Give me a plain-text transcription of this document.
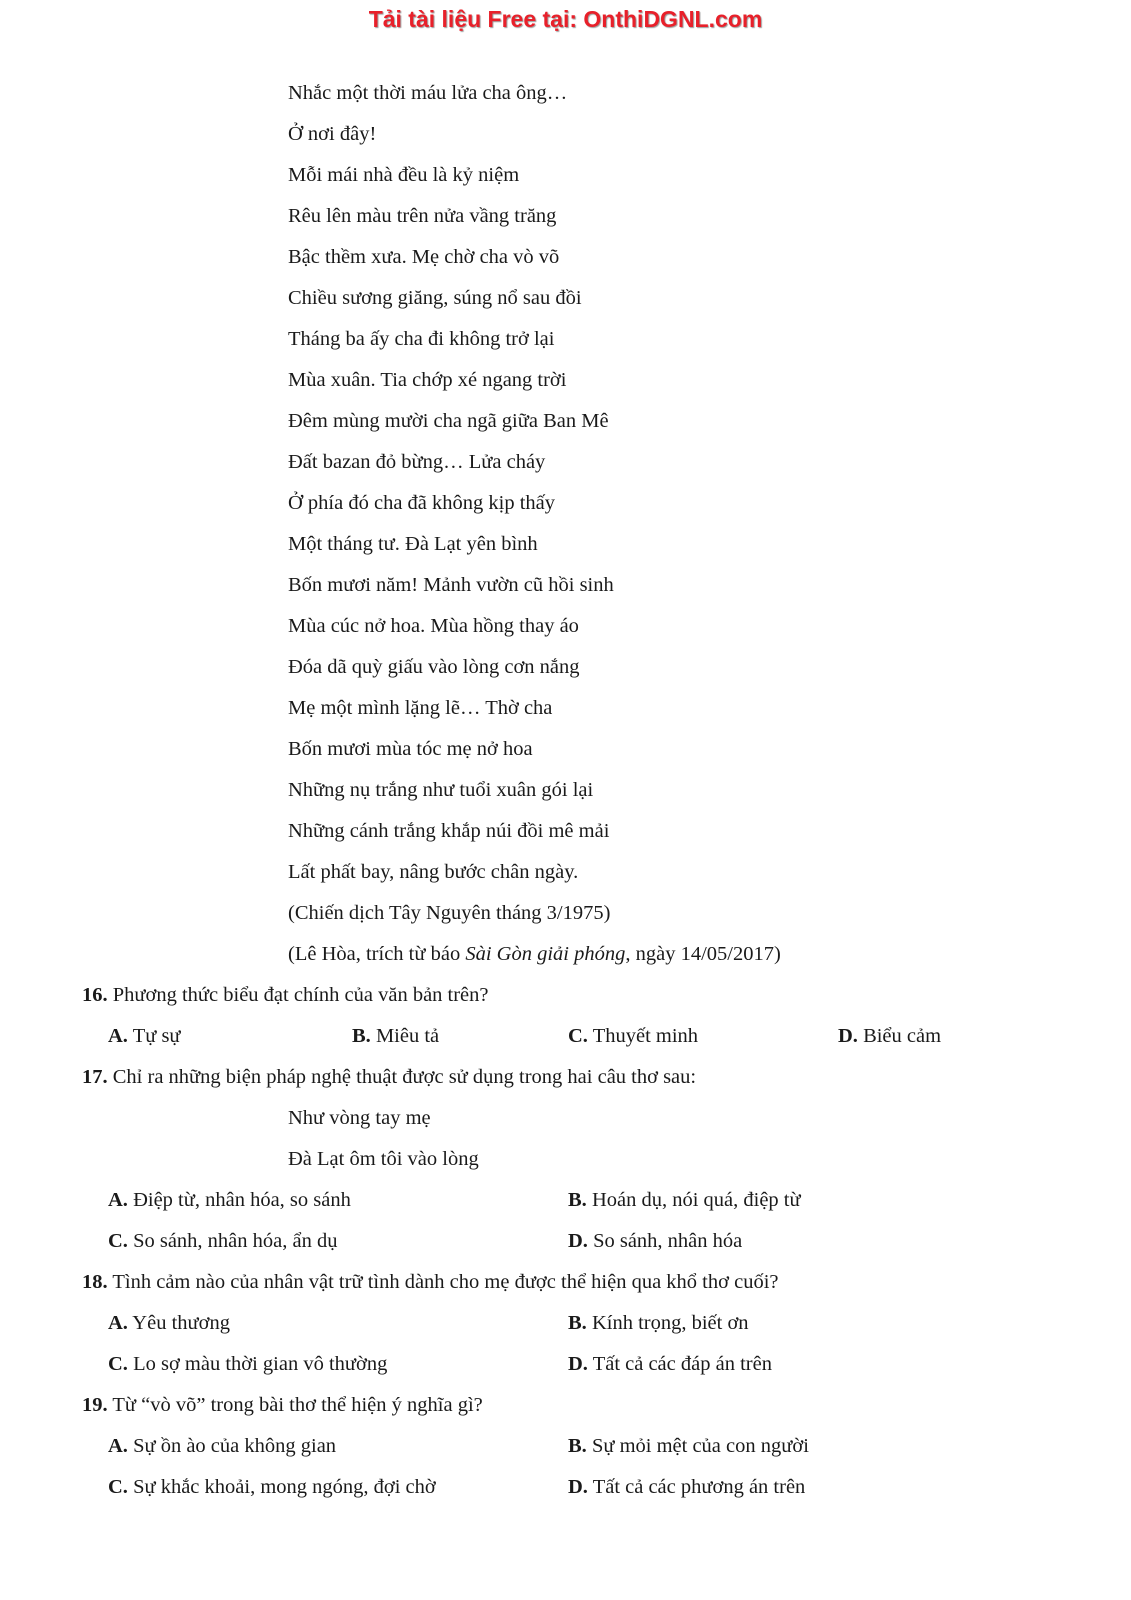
Tải tài liệu Free tại: OnthiDGNL.com
Nhắc một thời máu lửa cha ông…
Ở nơi đây!
Mỗi mái nhà đều là kỷ niệm
Rêu lên màu trên nửa vầng trăng
Bậc thềm xưa. Mẹ chờ cha vò võ
Chiều sương giăng, súng nổ sau đồi
Tháng ba ấy cha đi không trở lại
Mùa xuân. Tia chớp xé ngang trời
Đêm mùng mười cha ngã giữa Ban Mê
Đất bazan đỏ bừng… Lửa cháy
Ở phía đó cha đã không kịp thấy
Một tháng tư. Đà Lạt yên bình
Bốn mươi năm! Mảnh vườn cũ hồi sinh
Mùa cúc nở hoa. Mùa hồng thay áo
Đóa dã quỳ giấu vào lòng cơn nắng
Mẹ một mình lặng lẽ… Thờ cha
Bốn mươi mùa tóc mẹ nở hoa
Những nụ trắng như tuổi xuân gói lại
Những cánh trắng khắp núi đồi mê mải
Lất phất bay, nâng bước chân ngày.
(Chiến dịch Tây Nguyên tháng 3/1975)
(Lê Hòa, trích từ báo Sài Gòn giải phóng, ngày 14/05/2017)
16. Phương thức biểu đạt chính của văn bản trên?
A. Tự sự	B. Miêu tả	C. Thuyết minh	D. Biểu cảm
17. Chỉ ra những biện pháp nghệ thuật được sử dụng trong hai câu thơ sau:
Như vòng tay mẹ
Đà Lạt ôm tôi vào lòng
A. Điệp từ, nhân hóa, so sánh	B. Hoán dụ, nói quá, điệp từ
C. So sánh, nhân hóa, ẩn dụ	D. So sánh, nhân hóa
18. Tình cảm nào của nhân vật trữ tình dành cho mẹ được thể hiện qua khổ thơ cuối?
A. Yêu thương	B. Kính trọng, biết ơn
C. Lo sợ màu thời gian vô thường	D. Tất cả các đáp án trên
19. Từ “vò võ” trong bài thơ thể hiện ý nghĩa gì?
A. Sự ồn ào của không gian	B. Sự mỏi mệt của con người
C. Sự khắc khoải, mong ngóng, đợi chờ	D. Tất cả các phương án trên
